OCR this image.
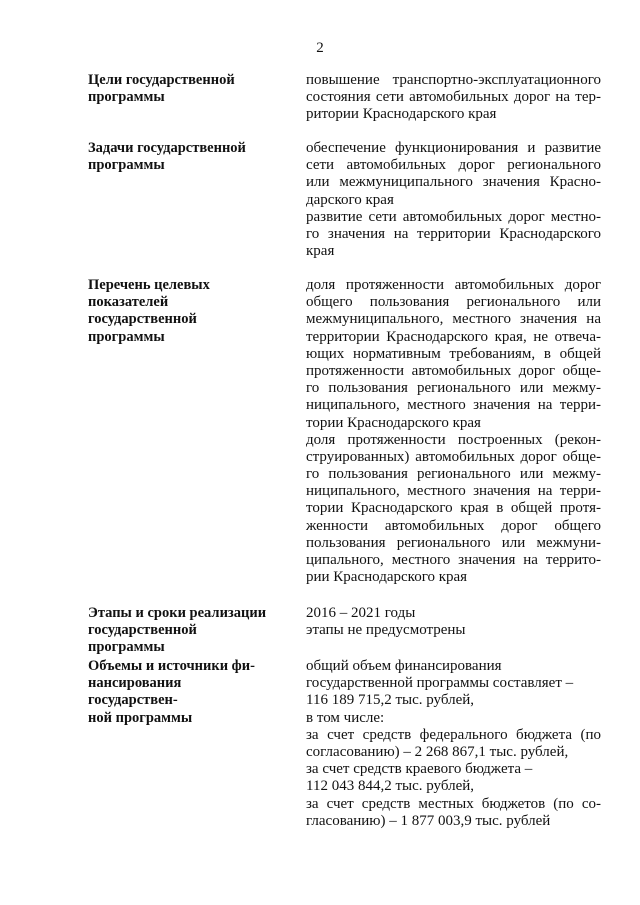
2
Цели государственной
программы
повышение транспортно-эксплуатационного
состояния сети автомобильных дорог на тер-
ритории Краснодарского края
Задачи государственной
программы
обеспечение функционирования и развитие
сети автомобильных дорог регионального
или межмуниципального значения Красно-
дарского края
развитие сети автомобильных дорог местно-
го значения на территории Краснодарского
края
Перечень целевых
показателей
государственной программы
доля протяженности автомобильных дорог
общего пользования регионального или
межмуниципального, местного значения на
территории Краснодарского края, не отвеча-
ющих нормативным требованиям, в общей
протяженности автомобильных дорог обще-
го пользования регионального или межму-
ниципального, местного значения на терри-
тории Краснодарского края
доля протяженности построенных (рекон-
струированных) автомобильных дорог обще-
го пользования регионального или межму-
ниципального, местного значения на терри-
тории Краснодарского края в общей протя-
женности автомобильных дорог общего
пользования регионального или межмуни-
ципального, местного значения на террито-
рии Краснодарского края
Этапы и сроки реализации
государственной программы
2016 – 2021 годы
этапы не предусмотрены
Объемы и источники фи-
нансирования государствен-
ной программы
общий объем финансирования
государственной программы составляет –
116 189 715,2 тыс. рублей,
в том числе:
за счет средств федерального бюджета (по
согласованию) – 2 268 867,1 тыс. рублей,
за счет средств краевого бюджета –
112 043 844,2 тыс. рублей,
за счет средств местных бюджетов (по со-
гласованию) – 1 877 003,9 тыс. рублей
